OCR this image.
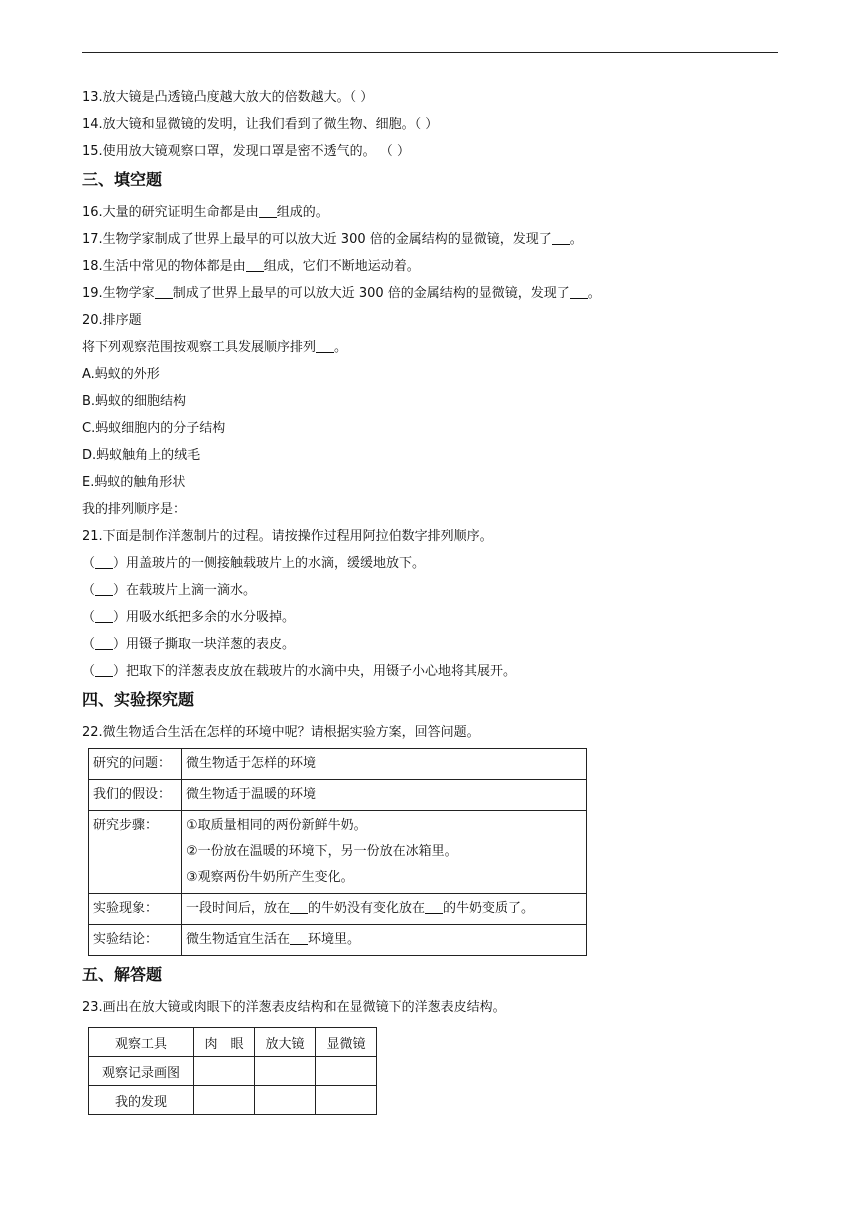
13.放大镜是凸透镜凸度越大放大的倍数越大。（ ）
14.放大镜和显微镜的发明，让我们看到了微生物、细胞。（ ）
15.使用放大镜观察口罩，发现口罩是密不透气的。 （ ）
三、填空题
16.大量的研究证明生命都是由 组成的。
17.生物学家制成了世界上最早的可以放大近 300 倍的金属结构的显微镜，发现了 。
18.生活中常见的物体都是由 组成，它们不断地运动着。
19.生物学家 制成了世界上最早的可以放大近 300 倍的金属结构的显微镜，发现了 。
20.排序题
将下列观察范围按观察工具发展顺序排列 。
A.蚂蚁的外形
B.蚂蚁的细胞结构
C.蚂蚁细胞内的分子结构
D.蚂蚁触角上的绒毛
E.蚂蚁的触角形状
我的排列顺序是：
21.下面是制作洋葱制片的过程。请按操作过程用阿拉伯数字排列顺序。
（ ）用盖玻片的一侧接触载玻片上的水滴，缓缓地放下。
（ ）在载玻片上滴一滴水。
（ ）用吸水纸把多余的水分吸掉。
（ ）用镊子撕取一块洋葱的表皮。
（ ）把取下的洋葱表皮放在载玻片的水滴中央，用镊子小心地将其展开。
四、实验探究题
22.微生物适合生活在怎样的环境中呢？请根据实验方案，回答问题。
研究的问题：	微生物适于怎样的环境
我们的假设：	微生物适于温暖的环境
研究步骤：	①取质量相同的两份新鲜牛奶。
②一份放在温暖的环境下，另一份放在冰箱里。
③观察两份牛奶所产生变化。

实验现象：	一段时间后，放在 的牛奶没有变化放在 的牛奶变质了。
实验结论：	微生物适宜生活在 环境里。
五、解答题
23.画出在放大镜或肉眼下的洋葱表皮结构和在显微镜下的洋葱表皮结构。
观察工具	肉　眼	放大镜	显微镜
观察记录画图			
我的发现			
